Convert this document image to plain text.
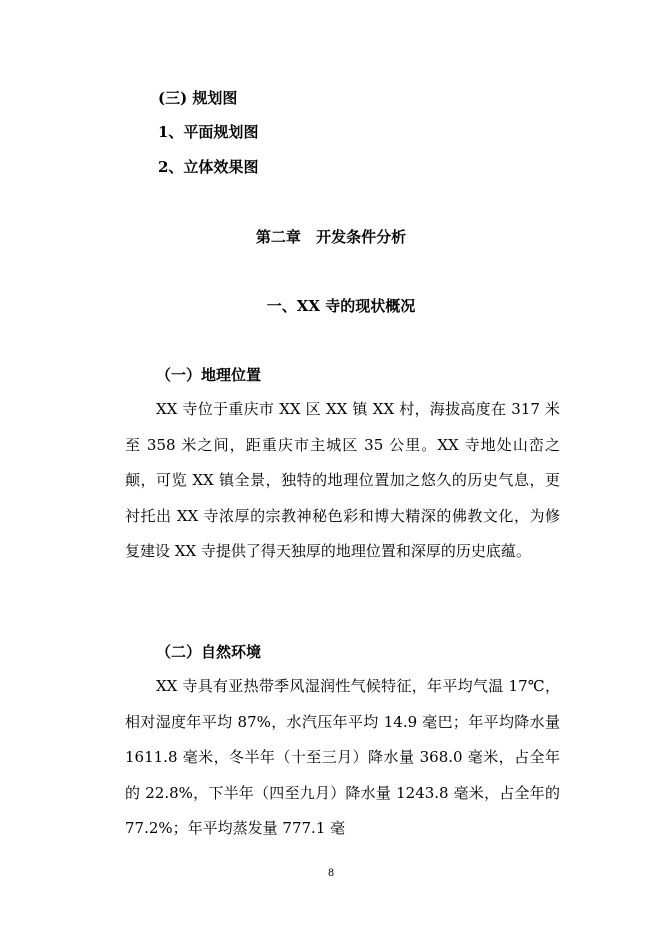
(三) 规划图

1、平面规划图

2、立体效果图

第二章 开发条件分析

一、XX 寺的现状概况

（一）地理位置

XX 寺位于重庆市 XX 区 XX 镇 XX 村，海拔高度在 317 米至 358 米之间，距重庆市主城区 35 公里。XX 寺地处山峦之颠，可览 XX 镇全景，独特的地理位置加之悠久的历史气息，更衬托出 XX 寺浓厚的宗教神秘色彩和博大精深的佛教文化，为修复建设 XX 寺提供了得天独厚的地理位置和深厚的历史底蕴。

（二）自然环境

XX 寺具有亚热带季风湿润性气候特征，年平均气温 17℃，相对湿度年平均 87%，水汽压年平均 14.9 毫巴；年平均降水量 1611.8 毫米，冬半年（十至三月）降水量 368.0 毫米，占全年的 22.8%，下半年（四至九月）降水量 1243.8 毫米，占全年的 77.2%；年平均蒸发量 777.1 毫

8
